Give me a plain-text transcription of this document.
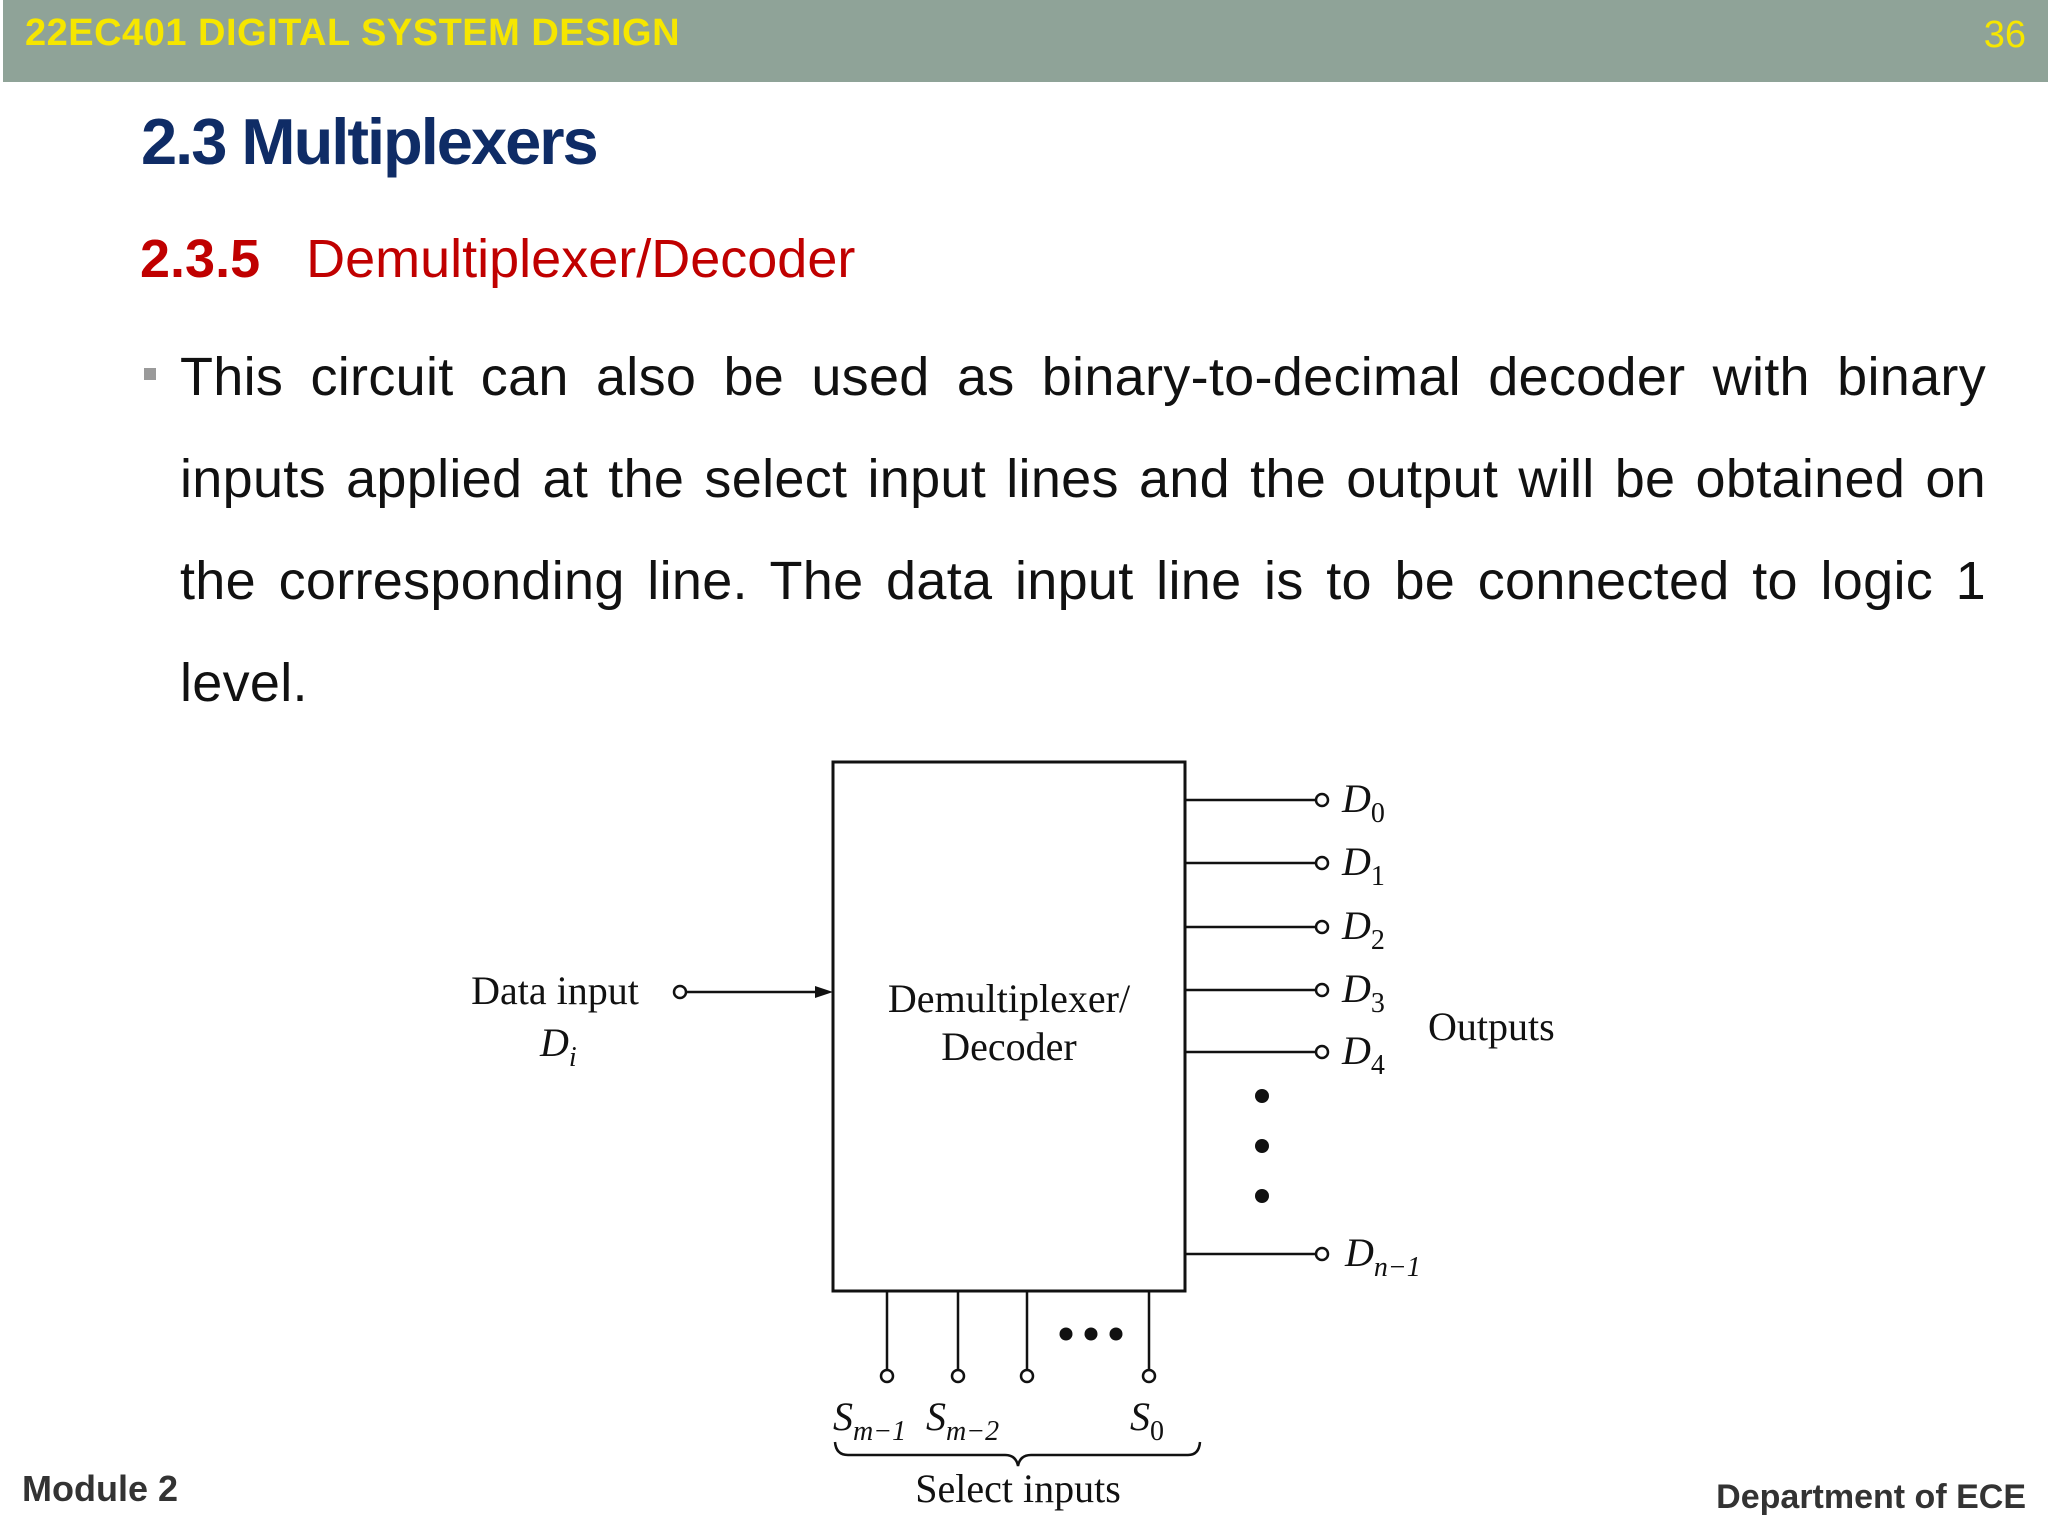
22EC401 DIGITAL SYSTEM DESIGN	36
2.3 Multiplexers
2.3.5 Demultiplexer/Decoder
This circuit can also be used as binary-to-decimal decoder with binary inputs applied at the select input lines and the output will be obtained on the corresponding line. The data input line is to be connected to logic 1 level.
Demultiplexer/
Decoder
Data input
$D_i$
$D_0$
$D_1$
$D_2$
$D_3$
$D_4$
$D_{n-1}$
Outputs
$S_{m-1}$ $S_{m-2}$	$S_0$
Select inputs
Module 2	Department of ECE
